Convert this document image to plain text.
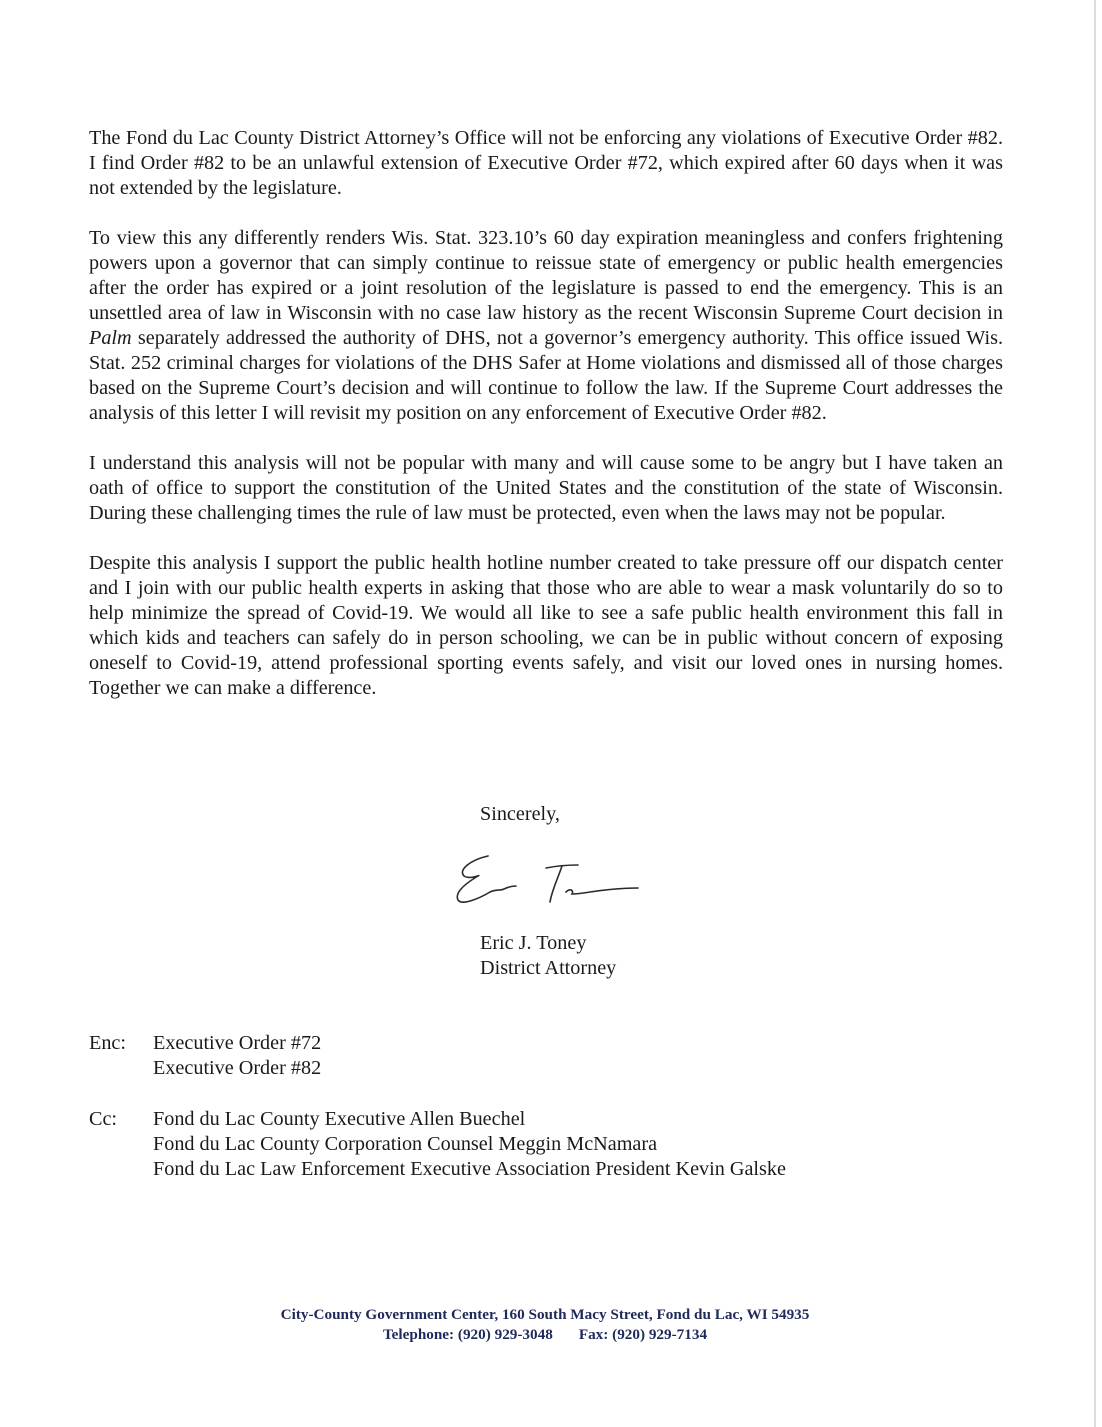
The Fond du Lac County District Attorney’s Office will not be enforcing any violations of Executive Order #82. I find Order #82 to be an unlawful extension of Executive Order #72, which expired after 60 days when it was not extended by the legislature.

To view this any differently renders Wis. Stat. 323.10’s 60 day expiration meaningless and confers frightening powers upon a governor that can simply continue to reissue state of emergency or public health emergencies after the order has expired or a joint resolution of the legislature is passed to end the emergency. This is an unsettled area of law in Wisconsin with no case law history as the recent Wisconsin Supreme Court decision in Palm separately addressed the authority of DHS, not a governor’s emergency authority. This office issued Wis. Stat. 252 criminal charges for violations of the DHS Safer at Home violations and dismissed all of those charges based on the Supreme Court’s decision and will continue to follow the law. If the Supreme Court addresses the analysis of this letter I will revisit my position on any enforcement of Executive Order #82.

I understand this analysis will not be popular with many and will cause some to be angry but I have taken an oath of office to support the constitution of the United States and the constitution of the state of Wisconsin. During these challenging times the rule of law must be protected, even when the laws may not be popular.

Despite this analysis I support the public health hotline number created to take pressure off our dispatch center and I join with our public health experts in asking that those who are able to wear a mask voluntarily do so to help minimize the spread of Covid-19. We would all like to see a safe public health environment this fall in which kids and teachers can safely do in person schooling, we can be in public without concern of exposing oneself to Covid-19, attend professional sporting events safely, and visit our loved ones in nursing homes. Together we can make a difference.

Sincerely,
Eric J. Toney
District Attorney
Enc: Executive Order #72
Executive Order #82
Cc: Fond du Lac County Executive Allen Buechel
Fond du Lac County Corporation Counsel Meggin McNamara
Fond du Lac Law Enforcement Executive Association President Kevin Galske
City-County Government Center, 160 South Macy Street, Fond du Lac, WI 54935
Telephone: (920) 929-3048 Fax: (920) 929-7134
